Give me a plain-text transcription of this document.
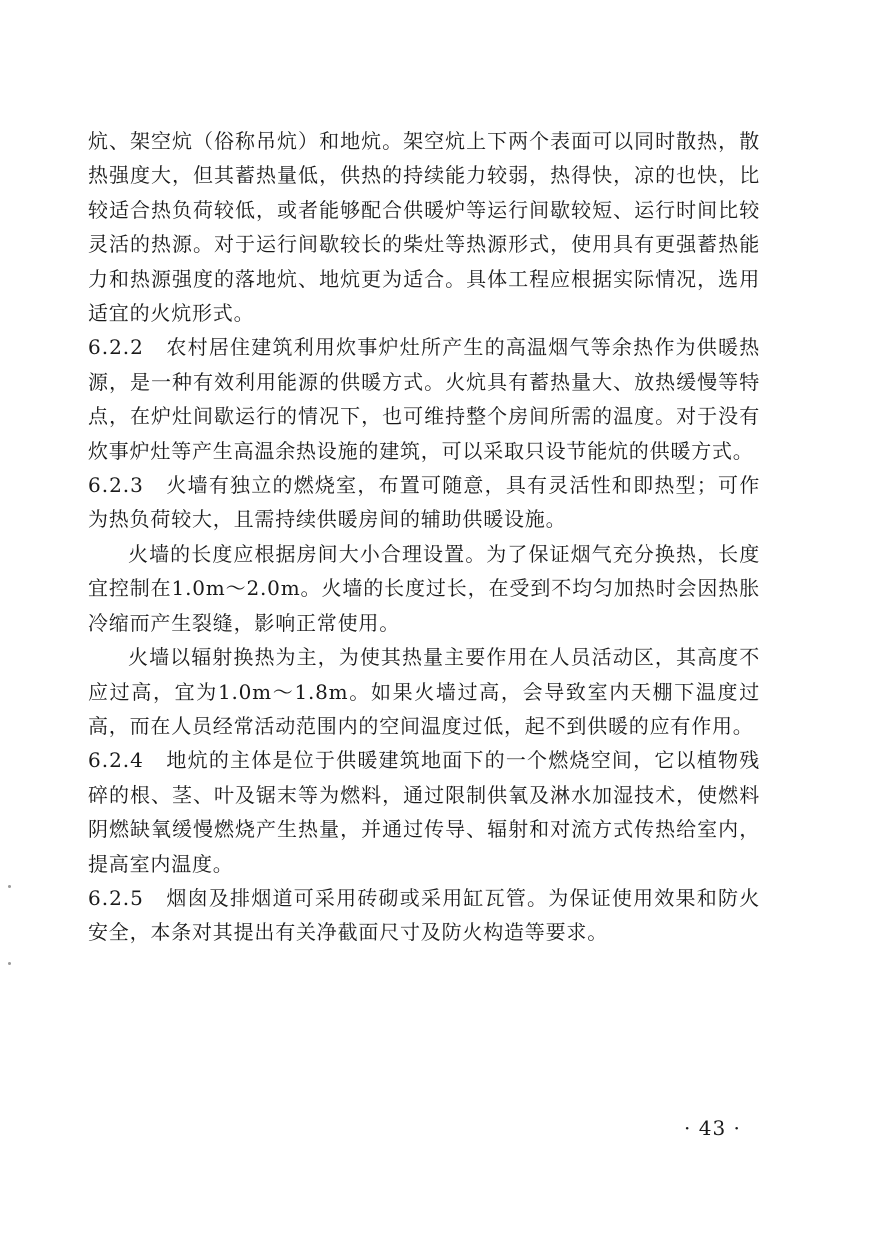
炕、架空炕（俗称吊炕）和地炕。架空炕上下两个表面可以同时散热，散热强度大，但其蓄热量低，供热的持续能力较弱，热得快，凉的也快，比较适合热负荷较低，或者能够配合供暖炉等运行间歇较短、运行时间比较灵活的热源。对于运行间歇较长的柴灶等热源形式，使用具有更强蓄热能力和热源强度的落地炕、地炕更为适合。具体工程应根据实际情况，选用适宜的火炕形式。

6.2.2 农村居住建筑利用炊事炉灶所产生的高温烟气等余热作为供暖热源，是一种有效利用能源的供暖方式。火炕具有蓄热量大、放热缓慢等特点，在炉灶间歇运行的情况下，也可维持整个房间所需的温度。对于没有炊事炉灶等产生高温余热设施的建筑，可以采取只设节能炕的供暖方式。

6.2.3 火墙有独立的燃烧室，布置可随意，具有灵活性和即热型；可作为热负荷较大，且需持续供暖房间的辅助供暖设施。

火墙的长度应根据房间大小合理设置。为了保证烟气充分换热，长度宜控制在1.0m～2.0m。火墙的长度过长，在受到不均匀加热时会因热胀冷缩而产生裂缝，影响正常使用。

火墙以辐射换热为主，为使其热量主要作用在人员活动区，其高度不应过高，宜为1.0m～1.8m。如果火墙过高，会导致室内天棚下温度过高，而在人员经常活动范围内的空间温度过低，起不到供暖的应有作用。

6.2.4 地炕的主体是位于供暖建筑地面下的一个燃烧空间，它以植物残碎的根、茎、叶及锯末等为燃料，通过限制供氧及淋水加湿技术，使燃料阴燃缺氧缓慢燃烧产生热量，并通过传导、辐射和对流方式传热给室内，提高室内温度。

6.2.5 烟囱及排烟道可采用砖砌或采用缸瓦管。为保证使用效果和防火安全，本条对其提出有关净截面尺寸及防火构造等要求。

· 43 ·
